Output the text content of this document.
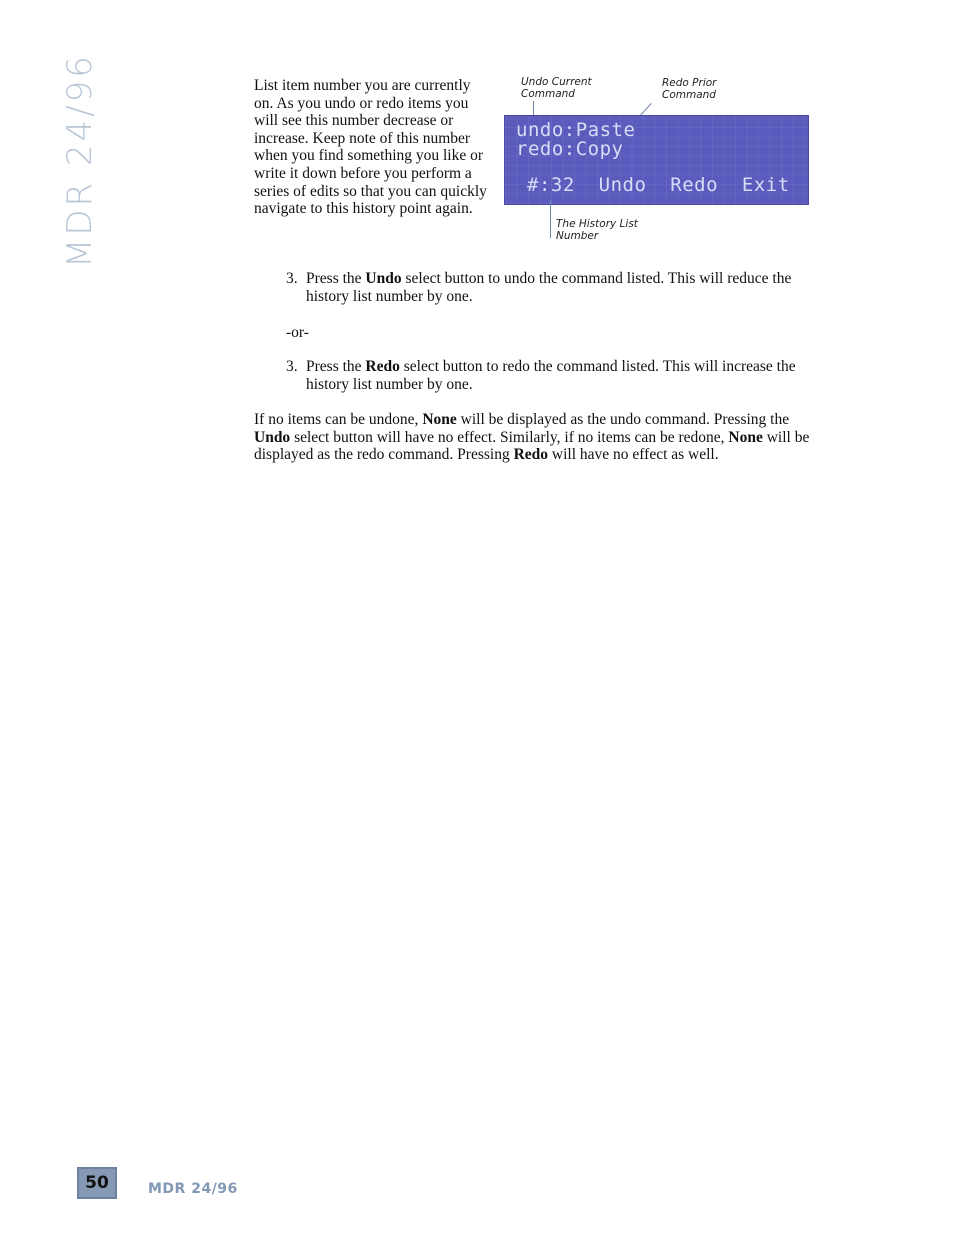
MDR 24/96	List item number you are currently on. As you undo or redo items you will see this number decrease or increase. Keep note of this number when you find something you like or write it down before you perform a series of edits so that you can quickly navigate to this history point again.
Undo Current
Command
Redo Prior
Command
undo:Paste
redo:Copy
#:32  Undo  Redo  Exit
The History List
Number
3. Press the Undo select button to undo the command listed. This will reduce the history list number by one.
-or-
3. Press the Redo select button to redo the command listed. This will increase the history list number by one.
If no items can be undone, None will be displayed as the undo command. Pressing the Undo select button will have no effect. Similarly, if no items can be redone, None will be displayed as the redo command. Pressing Redo will have no effect as well.
50	MDR 24/96
